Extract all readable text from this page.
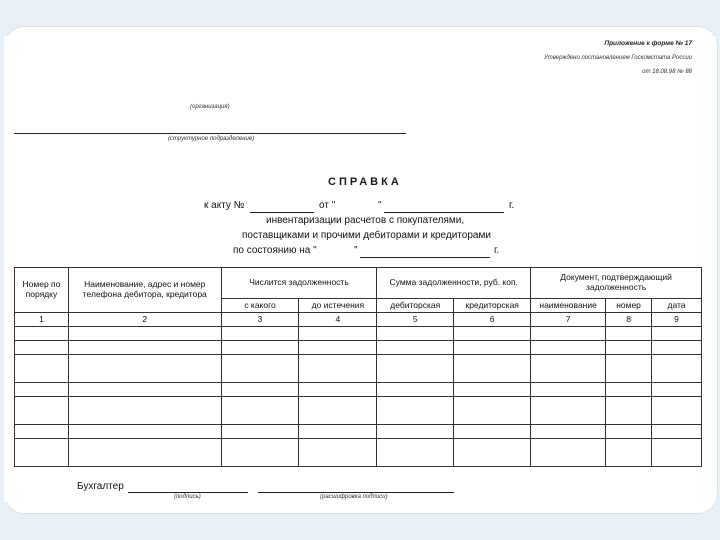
Приложение к форме № 17
Утверждено постановлением Госкомстата России
от 18.08.98 № 88
(организация)
(структурное подразделение)
СПРАВКА
к акту №	от "	"	г.
инвентаризации расчетов с покупателями,
поставщиками и прочими дебиторами и кредиторами
по состоянию на "	"	г.
Номер по порядку	Наименование, адрес и номер телефона дебитора, кредитора	Числится задолженность		Сумма задолженности, руб. коп.		Документ, подтверждающий задолженность		
		с какого	до истечения	дебиторская	кредиторская	наименование	номер	дата
1	2	3	4	5	6	7	8	9

Бухгалтер
(подпись)	(расшифровка подписи)
